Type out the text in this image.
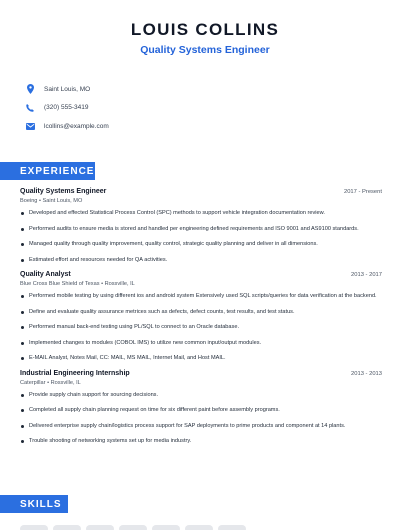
LOUIS COLLINS
Quality Systems Engineer
Saint Louis, MO
(320) 555-3419
lcollins@example.com
EXPERIENCE
Quality Systems Engineer	2017 - Present
Boeing • Saint Louis, MO
Developed and effected Statistical Process Control (SPC) methods to support vehicle integration documentation review.
Performed audits to ensure media is stored and handled per engineering defined requirements and ISO 9001 and AS9100 standards.
Managed quality through quality improvement, quality control, strategic quality planning and deliver in all dimensions.
Estimated effort and resources needed for QA activities.
Quality Analyst	2013 - 2017
Blue Cross Blue Shield of Texas • Rossville, IL
Performed mobile testing by using different ios and android system Extensively used SQL scripts/queries for data verification at the backend.
Define and evaluate quality assurance metrices such as defects, defect counts, test results, and test status.
Performed manual back-end testing using PL/SQL to connect to an Oracle database.
Implemented changes to modules (COBOL IMS) to utilize new common input/output modules.
E-MAIL Analyst, Notes Mail, CC: MAIL, MS MAIL, Internet Mail, and Host MAIL.
Industrial Engineering Internship	2013 - 2013
Caterpillar • Rossville, IL
Provide supply chain support for sourcing decisions.
Completed all supply chain planning request on time for six different paint before assembly programs.
Delivered enterprise supply chain/logistics process support for SAP deployments to prime products and component at 14 plants.
Trouble shooting of networking systems set up for media industry.
SKILLS
